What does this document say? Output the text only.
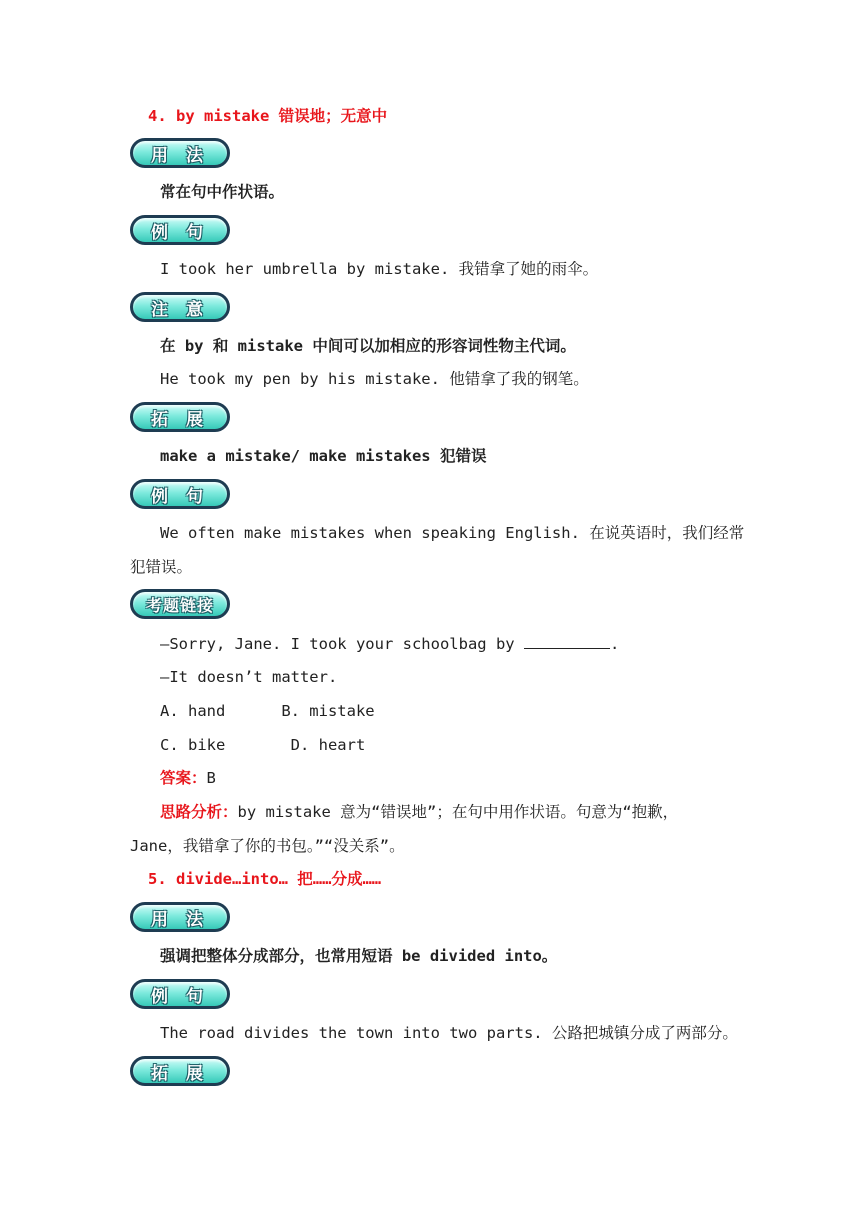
4. by mistake 错误地；无意中
用 法
常在句中作状语。
例 句
I took her umbrella by mistake. 我错拿了她的雨伞。
注 意
在 by 和 mistake 中间可以加相应的形容词性物主代词。
He took my pen by his mistake. 他错拿了我的钢笔。
拓 展
make a mistake/ make mistakes 犯错误
例 句
We often make mistakes when speaking English. 在说英语时，我们经常
犯错误。
考题链接
—Sorry, Jane. I took your schoolbag by	.
—It doesn’t matter.
A. hand      B. mistake
C. bike       D. heart
答案：B
思路分析：by mistake 意为“错误地”；在句中用作状语。句意为“抱歉，
Jane，我错拿了你的书包。”“没关系”。
5. divide…into… 把……分成……
用 法
强调把整体分成部分，也常用短语 be divided into。
例 句
The road divides the town into two parts. 公路把城镇分成了两部分。
拓 展
